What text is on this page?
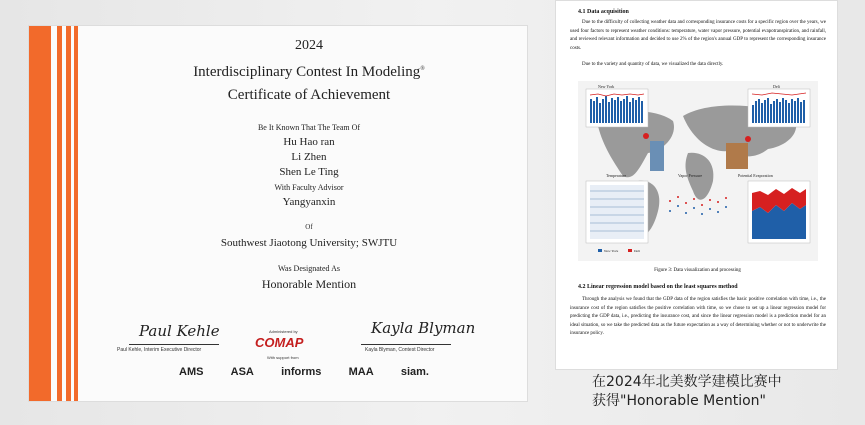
2024
Interdisciplinary Contest In Modeling®
Certificate of Achievement
Be It Known That The Team Of
Hu Hao ran
Li Zhen
Shen Le Ting
With Faculty Advisor
Yangyanxin
Of
Southwest Jiaotong University; SWJTU
Was Designated As
Honorable Mention
Paul Kehle
Paul Kehle, Interim Executive Director
Administered by
COMAP
With support from
Kayla Blyman
Kayla Blyman, Contest Director
AMS ASA informs MAA siam.
4.1 Data acquisition
Due to the difficulty of collecting weather data and corresponding insurance costs for a specific region over the years, we used four factors to represent weather conditions: temperature, water vapor pressure, potential evapotranspiration, and rainfall, and reviewed relevant information and decided to use 2% of the region's annual GDP to represent the corresponding insurance costs.
Due to the variety and quantity of data, we visualized the data directly.
New York	Deli
Temperature	Vapor Pressure	Potential Evaporation
New York	Deli
Figure 3: Data visualization and processing
4.2 Linear regression model based on the least squares method
Through the analysis we found that the GDP data of the region satisfies the basic positive correlation with time, i.e., the insurance cost of the region satisfies the positive correlation with time, so we chose to set up a linear regression model for predicting the GDP data, i.e., predicting the insurance cost, and since the linear regression model is a prediction model for an ideal situation, so we take the predicted data as the future expectation as a way of determining whether or not to underwrite the insurance policy.
在2024年北美数学建模比赛中
获得"Honorable Mention"
